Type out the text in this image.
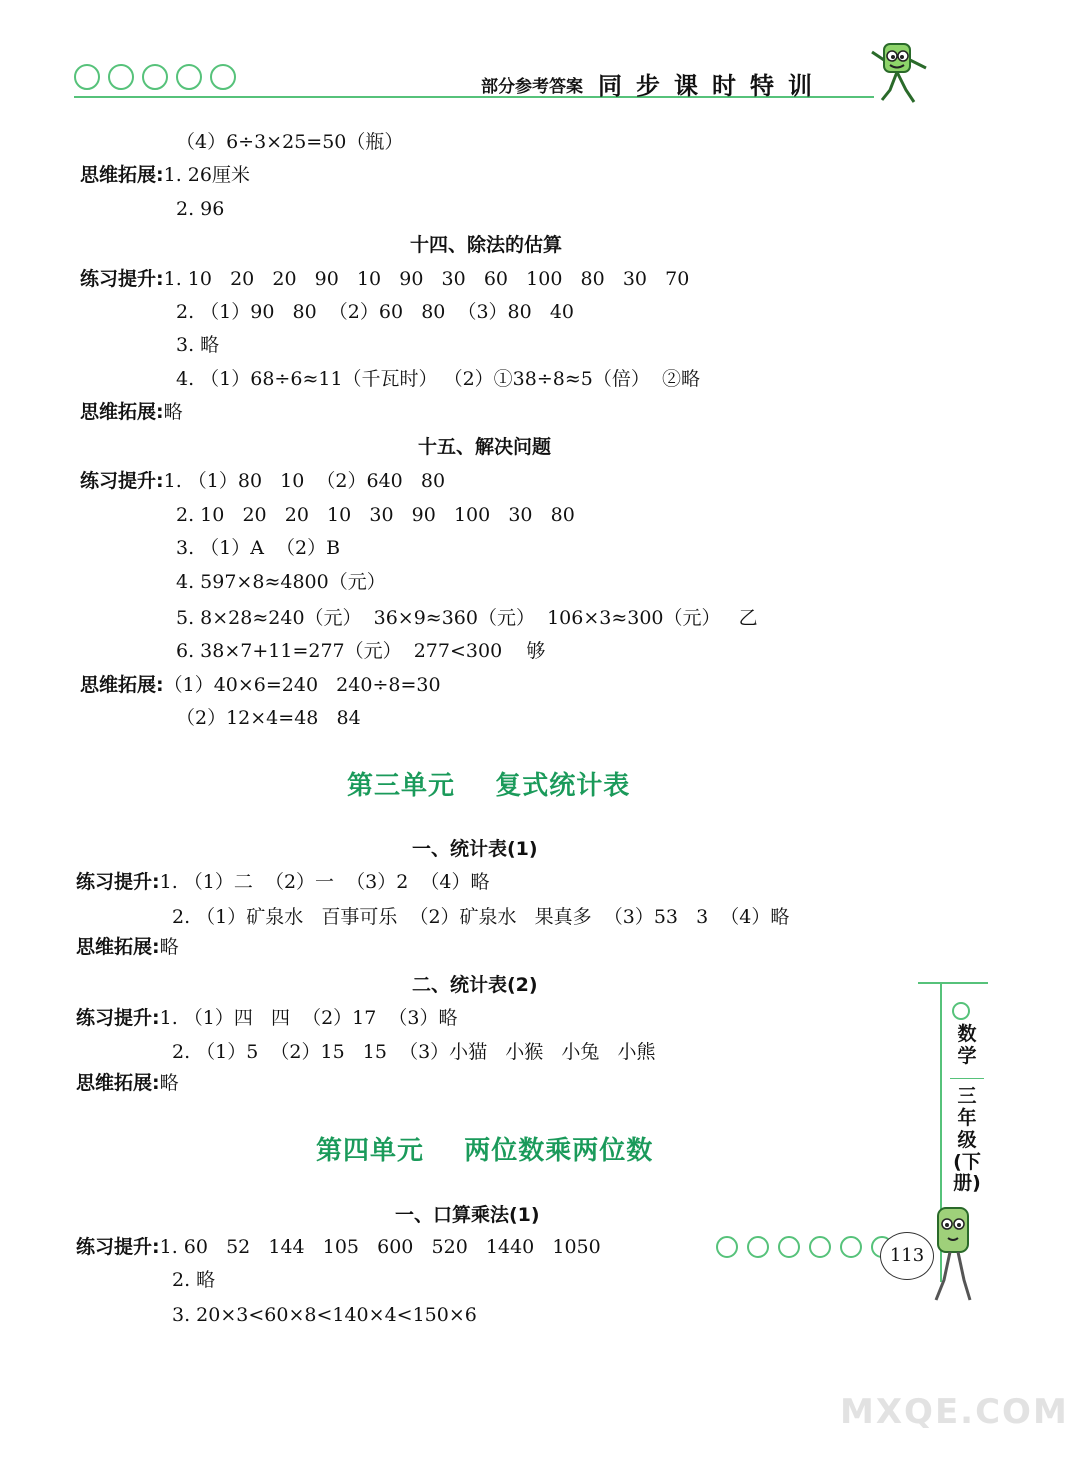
部分参考答案 同步课时特训
（4）6÷3×25=50（瓶）
思维拓展:1. 26厘米
2. 96
十四、除法的估算
练习提升:1. 10   20   20   90   10   90   30   60   100   80   30   70
2. （1）90   80  （2）60   80  （3）80   40
3. 略
4. （1）68÷6≈11（千瓦时） （2）①38÷8≈5（倍）  ②略
思维拓展:略
十五、解决问题
练习提升:1. （1）80   10  （2）640   80
2. 10   20   20   10   30   90   100   30   80
3. （1）A  （2）B
4. 597×8≈4800（元）
5. 8×28≈240（元）  36×9≈360（元）  106×3≈300（元）   乙
6. 38×7+11=277（元）  277<300    够
思维拓展:（1）40×6=240   240÷8=30
（2）12×4=48   84
第三单元    复式统计表
一、统计表(1)
练习提升:1. （1）二  （2）一  （3）2  （4）略
2. （1）矿泉水   百事可乐  （2）矿泉水   果真多  （3）53   3  （4）略
思维拓展:略
二、统计表(2)
练习提升:1. （1）四   四  （2）17  （3）略
2. （1）5  （2）15   15  （3）小猫   小猴   小兔   小熊
思维拓展:略
第四单元    两位数乘两位数
一、口算乘法(1)
练习提升:1. 60   52   144   105   600   520   1440   1050
2. 略
3. 20×3<60×8<140×4<150×6
数学
三年级(下册)
113
MXQE.COM
